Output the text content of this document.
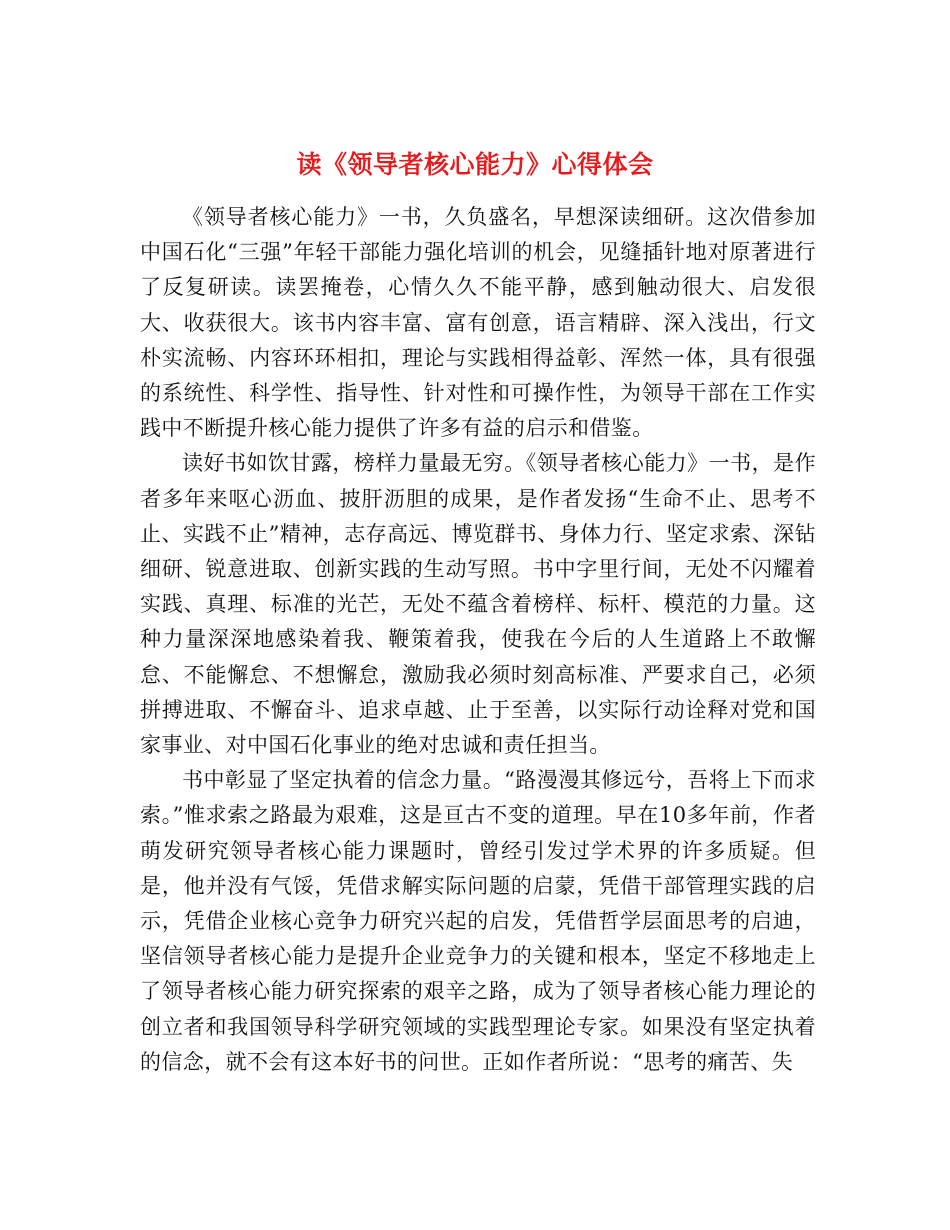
读《领导者核心能力》心得体会

《领导者核心能力》一书，久负盛名，早想深读细研。这次借参加中国石化“三强”年轻干部能力强化培训的机会，见缝插针地对原著进行了反复研读。读罢掩卷，心情久久不能平静，感到触动很大、启发很大、收获很大。该书内容丰富、富有创意，语言精辟、深入浅出，行文朴实流畅、内容环环相扣，理论与实践相得益彰、浑然一体，具有很强的系统性、科学性、指导性、针对性和可操作性，为领导干部在工作实践中不断提升核心能力提供了许多有益的启示和借鉴。

读好书如饮甘露，榜样力量最无穷。《领导者核心能力》一书，是作者多年来呕心沥血、披肝沥胆的成果，是作者发扬“生命不止、思考不止、实践不止”精神，志存高远、博览群书、身体力行、坚定求索、深钻细研、锐意进取、创新实践的生动写照。书中字里行间，无处不闪耀着实践、真理、标准的光芒，无处不蕴含着榜样、标杆、模范的力量。这种力量深深地感染着我、鞭策着我，使我在今后的人生道路上不敢懈怠、不能懈怠、不想懈怠，激励我必须时刻高标准、严要求自己，必须拼搏进取、不懈奋斗、追求卓越、止于至善，以实际行动诠释对党和国家事业、对中国石化事业的绝对忠诚和责任担当。

书中彰显了坚定执着的信念力量。“路漫漫其修远兮，吾将上下而求索。”惟求索之路最为艰难，这是亘古不变的道理。早在10多年前，作者萌发研究领导者核心能力课题时，曾经引发过学术界的许多质疑。但是，他并没有气馁，凭借求解实际问题的启蒙，凭借干部管理实践的启示，凭借企业核心竞争力研究兴起的启发，凭借哲学层面思考的启迪，坚信领导者核心能力是提升企业竞争力的关键和根本，坚定不移地走上了领导者核心能力研究探索的艰辛之路，成为了领导者核心能力理论的创立者和我国领导科学研究领域的实践型理论专家。如果没有坚定执着的信念，就不会有这本好书的问世。正如作者所说：“思考的痛苦、失
